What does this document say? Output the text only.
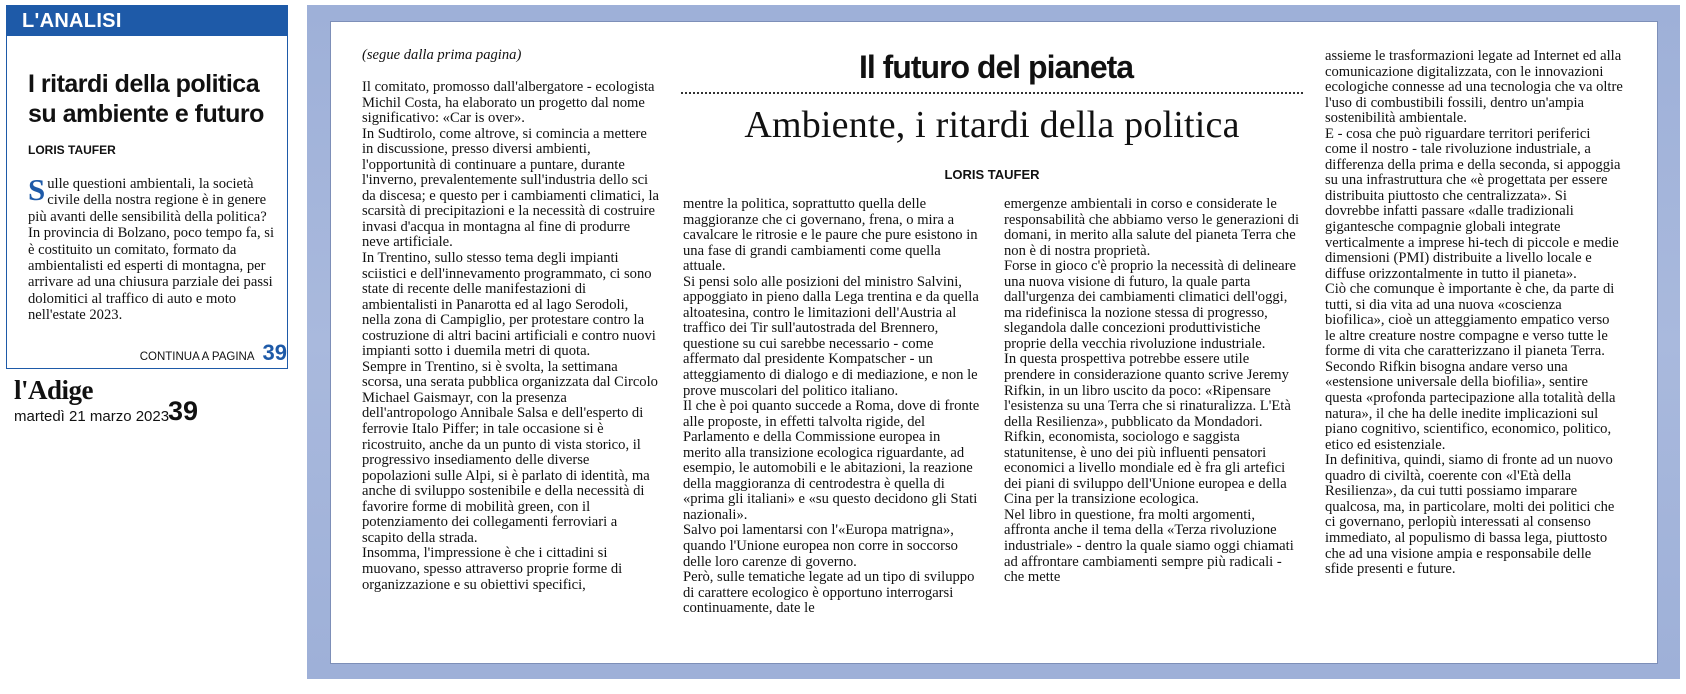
L'ANALISI
I ritardi della politica su ambiente e futuro
LORIS TAUFER

Sulle questioni ambientali, la società civile della nostra regione è in genere più avanti delle sensibilità della politica?

In provincia di Bolzano, poco tempo fa, si è costituito un comitato, formato da ambientalisti ed esperti di montagna, per arrivare ad una chiusura parziale dei passi dolomitici al traffico di auto e moto nell'estate 2023.

CONTINUA A PAGINA 39
l'Adige
martedì 21 marzo 2023
39
(segue dalla prima pagina)	Il futuro del pianeta
Ambiente, i ritardi della politica
LORIS TAUFER

Il comitato, promosso dall'albergatore - ecologista Michil Costa, ha elaborato un progetto dal nome significativo: «Car is over».

In Sudtirolo, come altrove, si comincia a mettere in discussione, presso diversi ambienti, l'opportunità di continuare a puntare, durante l'inverno, prevalentemente sull'industria dello sci da discesa; e questo per i cambiamenti climatici, la scarsità di precipitazioni e la necessità di costruire invasi d'acqua in montagna al fine di produrre neve artificiale.

In Trentino, sullo stesso tema degli impianti sciistici e dell'innevamento programmato, ci sono state di recente delle manifestazioni di ambientalisti in Panarotta ed al lago Serodoli, nella zona di Campiglio, per protestare contro la costruzione di altri bacini artificiali e contro nuovi impianti sotto i duemila metri di quota.

Sempre in Trentino, si è svolta, la settimana scorsa, una serata pubblica organizzata dal Circolo Michael Gaismayr, con la presenza dell'antropologo Annibale Salsa e dell'esperto di ferrovie Italo Piffer; in tale occasione si è ricostruito, anche da un punto di vista storico, il progressivo insediamento delle diverse popolazioni sulle Alpi, si è parlato di identità, ma anche di sviluppo sostenibile e della necessità di favorire forme di mobilità green, con il potenziamento dei collegamenti ferroviari a scapito della strada.

Insomma, l'impressione è che i cittadini si muovano, spesso attraverso proprie forme di organizzazione e su obiettivi specifici,

mentre la politica, soprattutto quella delle maggioranze che ci governano, frena, o mira a cavalcare le ritrosie e le paure che pure esistono in una fase di grandi cambiamenti come quella attuale.

Si pensi solo alle posizioni del ministro Salvini, appoggiato in pieno dalla Lega trentina e da quella altoatesina, contro le limitazioni dell'Austria al traffico dei Tir sull'autostrada del Brennero, questione su cui sarebbe necessario - come affermato dal presidente Kompatscher - un atteggiamento di dialogo e di mediazione, e non le prove muscolari del politico italiano.

Il che è poi quanto succede a Roma, dove di fronte alle proposte, in effetti talvolta rigide, del Parlamento e della Commissione europea in merito alla transizione ecologica riguardante, ad esempio, le automobili e le abitazioni, la reazione della maggioranza di centrodestra è quella di «prima gli italiani» e «su questo decidono gli Stati nazionali».

Salvo poi lamentarsi con l'«Europa matrigna», quando l'Unione europea non corre in soccorso delle loro carenze di governo.

Però, sulle tematiche legate ad un tipo di sviluppo di carattere ecologico è opportuno interrogarsi continuamente, date le

emergenze ambientali in corso e considerate le responsabilità che abbiamo verso le generazioni di domani, in merito alla salute del pianeta Terra che non è di nostra proprietà.

Forse in gioco c'è proprio la necessità di delineare una nuova visione di futuro, la quale parta dall'urgenza dei cambiamenti climatici dell'oggi, ma ridefinisca la nozione stessa di progresso, slegandola dalle concezioni produttivistiche proprie della vecchia rivoluzione industriale.

In questa prospettiva potrebbe essere utile prendere in considerazione quanto scrive Jeremy Rifkin, in un libro uscito da poco: «Ripensare l'esistenza su una Terra che si rinaturalizza. L'Età della Resilienza», pubblicato da Mondadori. Rifkin, economista, sociologo e saggista statunitense, è uno dei più influenti pensatori economici a livello mondiale ed è fra gli artefici dei piani di sviluppo dell'Unione europea e della Cina per la transizione ecologica.

Nel libro in questione, fra molti argomenti, affronta anche il tema della «Terza rivoluzione industriale» - dentro la quale siamo oggi chiamati ad affrontare cambiamenti sempre più radicali - che mette

assieme le trasformazioni legate ad Internet ed alla comunicazione digitalizzata, con le innovazioni ecologiche connesse ad una tecnologia che va oltre l'uso di combustibili fossili, dentro un'ampia sostenibilità ambientale.

E - cosa che può riguardare territori periferici come il nostro - tale rivoluzione industriale, a differenza della prima e della seconda, si appoggia su una infrastruttura che «è progettata per essere distribuita piuttosto che centralizzata». Si dovrebbe infatti passare «dalle tradizionali gigantesche compagnie globali integrate verticalmente a imprese hi-tech di piccole e medie dimensioni (PMI) distribuite a livello locale e diffuse orizzontalmente in tutto il pianeta».

Ciò che comunque è importante è che, da parte di tutti, si dia vita ad una nuova «coscienza biofilica», cioè un atteggiamento empatico verso le altre creature nostre compagne e verso tutte le forme di vita che caratterizzano il pianeta Terra. Secondo Rifkin bisogna andare verso una «estensione universale della biofilia», sentire questa «profonda partecipazione alla totalità della natura», il che ha delle inedite implicazioni sul piano cognitivo, scientifico, economico, politico, etico ed esistenziale.

In definitiva, quindi, siamo di fronte ad un nuovo quadro di civiltà, coerente con «l'Età della Resilienza», da cui tutti possiamo imparare qualcosa, ma, in particolare, molti dei politici che ci governano, perlopiù interessati al consenso immediato, al populismo di bassa lega, piuttosto che ad una visione ampia e responsabile delle sfide presenti e future.
